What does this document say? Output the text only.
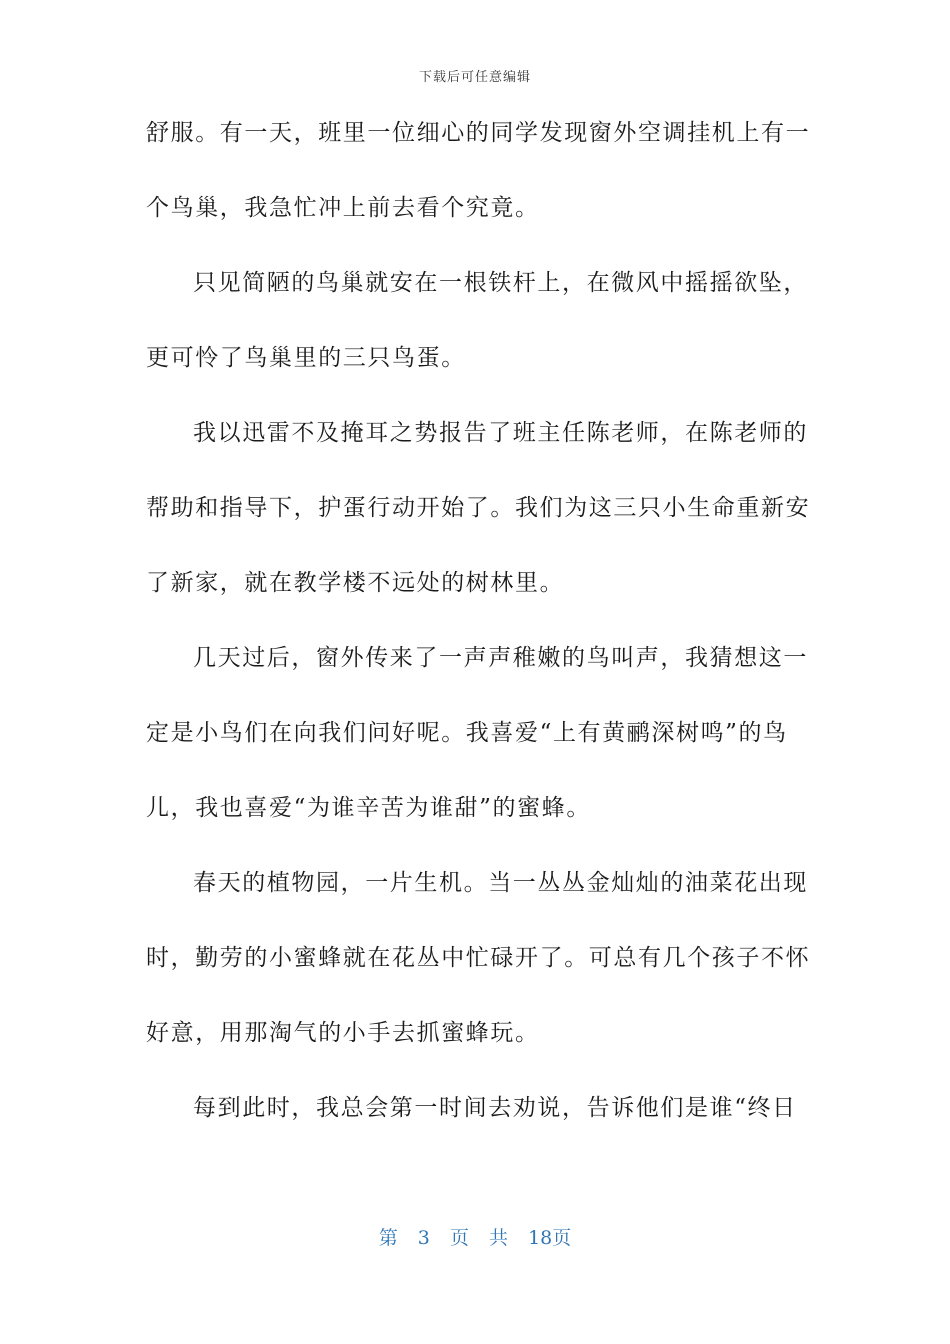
下载后可任意编辑
舒服。有一天，班里一位细心的同学发现窗外空调挂机上有一
个鸟巢，我急忙冲上前去看个究竟。
只见简陋的鸟巢就安在一根铁杆上，在微风中摇摇欲坠，
更可怜了鸟巢里的三只鸟蛋。
我以迅雷不及掩耳之势报告了班主任陈老师，在陈老师的
帮助和指导下，护蛋行动开始了。我们为这三只小生命重新安
了新家，就在教学楼不远处的树林里。
几天过后，窗外传来了一声声稚嫩的鸟叫声，我猜想这一
定是小鸟们在向我们问好呢。我喜爱“上有黄鹂深树鸣”的鸟
儿，我也喜爱“为谁辛苦为谁甜”的蜜蜂。
春天的植物园，一片生机。当一丛丛金灿灿的油菜花出现
时，勤劳的小蜜蜂就在花丛中忙碌开了。可总有几个孩子不怀
好意，用那淘气的小手去抓蜜蜂玩。
每到此时，我总会第一时间去劝说，告诉他们是谁“终日
第 3 页 共 18页
